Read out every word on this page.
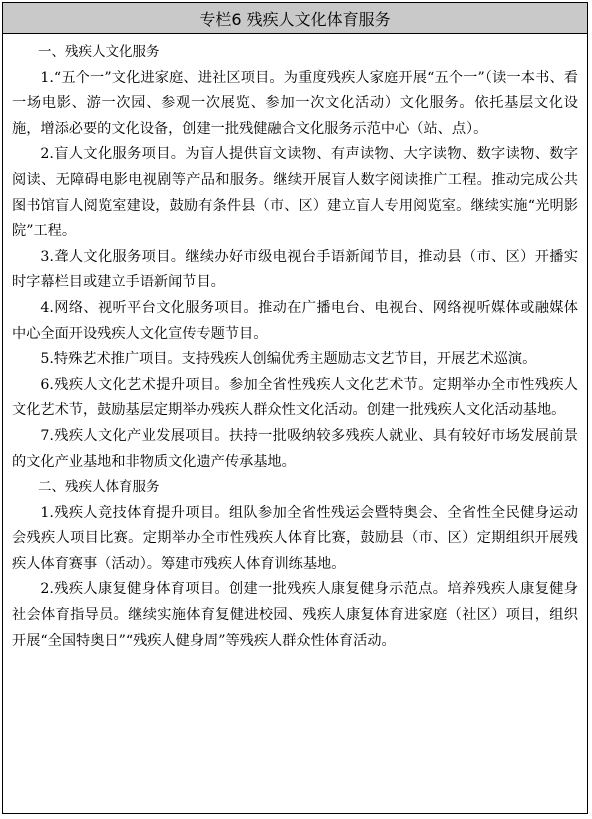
专栏6 残疾人文化体育服务

一、残疾人文化服务

1.“五个一”文化进家庭、进社区项目。为重度残疾人家庭开展“五个一”（读一本书、看一场电影、游一次园、参观一次展览、参加一次文化活动）文化服务。依托基层文化设施，增添必要的文化设备，创建一批残健融合文化服务示范中心（站、点）。

2.盲人文化服务项目。为盲人提供盲文读物、有声读物、大字读物、数字读物、数字阅读、无障碍电影电视剧等产品和服务。继续开展盲人数字阅读推广工程。推动完成公共图书馆盲人阅览室建设，鼓励有条件县（市、区）建立盲人专用阅览室。继续实施“光明影院”工程。

3.聋人文化服务项目。继续办好市级电视台手语新闻节目，推动县（市、区）开播实时字幕栏目或建立手语新闻节目。

4.网络、视听平台文化服务项目。推动在广播电台、电视台、网络视听媒体或融媒体中心全面开设残疾人文化宣传专题节目。

5.特殊艺术推广项目。支持残疾人创编优秀主题励志文艺节目，开展艺术巡演。

6.残疾人文化艺术提升项目。参加全省性残疾人文化艺术节。定期举办全市性残疾人文化艺术节，鼓励基层定期举办残疾人群众性文化活动。创建一批残疾人文化活动基地。

7.残疾人文化产业发展项目。扶持一批吸纳较多残疾人就业、具有较好市场发展前景的文化产业基地和非物质文化遗产传承基地。

二、残疾人体育服务

1.残疾人竞技体育提升项目。组队参加全省性残运会暨特奥会、全省性全民健身运动会残疾人项目比赛。定期举办全市性残疾人体育比赛，鼓励县（市、区）定期组织开展残疾人体育赛事（活动）。筹建市残疾人体育训练基地。

2.残疾人康复健身体育项目。创建一批残疾人康复健身示范点。培养残疾人康复健身社会体育指导员。继续实施体育复健进校园、残疾人康复体育进家庭（社区）项目，组织开展“全国特奥日”“残疾人健身周”等残疾人群众性体育活动。
